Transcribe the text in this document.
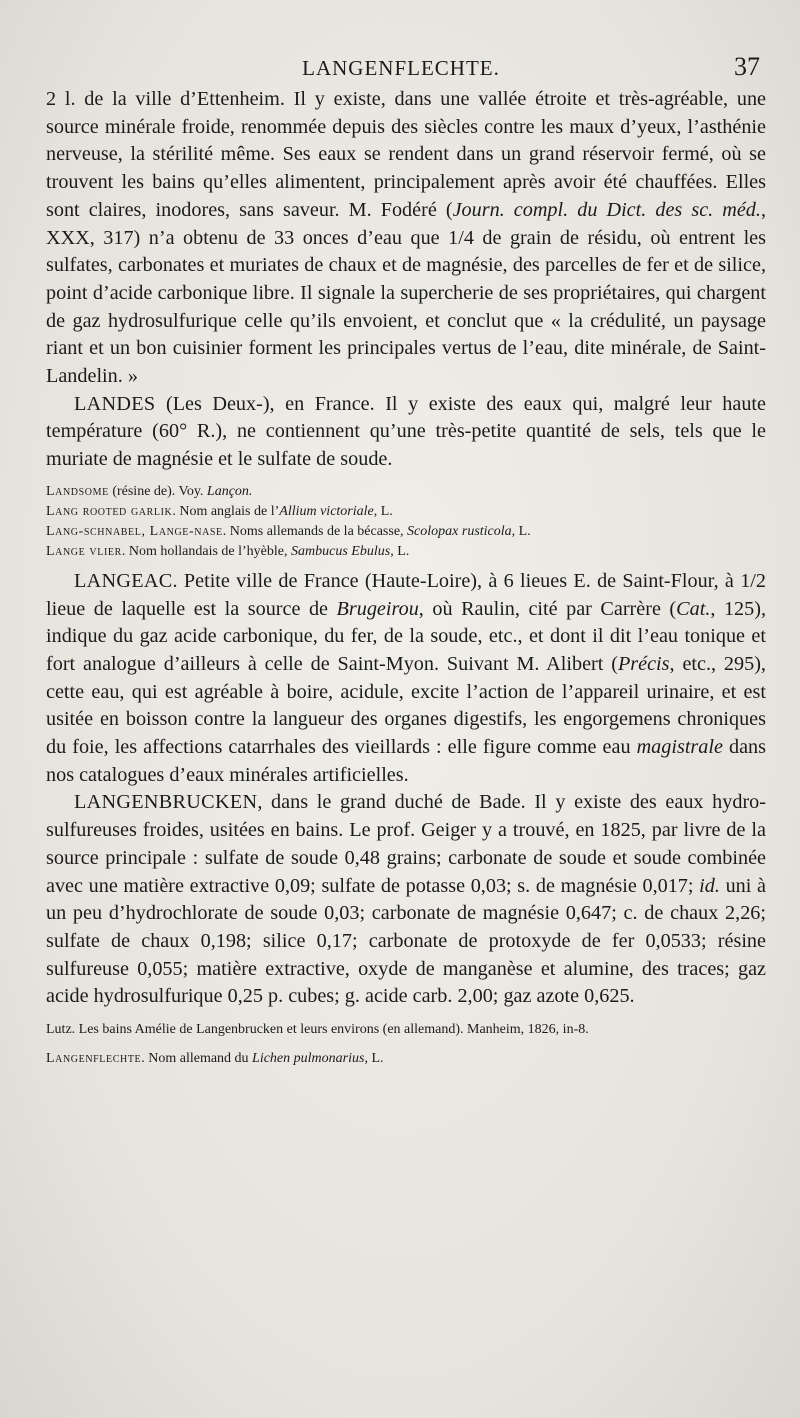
LANGENFLECHTE.	37

2 l. de la ville d’Ettenheim. Il y existe, dans une vallée étroite et très-agréable, une source minérale froide, renommée depuis des siècles contre les maux d’yeux, l’asthénie nerveuse, la stérilité même. Ses eaux se rendent dans un grand réservoir fermé, où se trouvent les bains qu’elles alimentent, principalement après avoir été chauffées. Elles sont claires, inodores, sans saveur. M. Fodéré (Journ. compl. du Dict. des sc. méd., XXX, 317) n’a obtenu de 33 onces d’eau que 1/4 de grain de résidu, où entrent les sulfates, carbonates et muriates de chaux et de magnésie, des parcelles de fer et de silice, point d’acide carbonique libre. Il signale la supercherie de ses propriétaires, qui chargent de gaz hydrosulfurique celle qu’ils envoient, et conclut que « la crédulité, un paysage riant et un bon cuisinier forment les principales vertus de l’eau, dite minérale, de Saint-Landelin. »

LANDES (Les Deux-), en France. Il y existe des eaux qui, malgré leur haute température (60° R.), ne contiennent qu’une très-petite quantité de sels, tels que le muriate de magnésie et le sulfate de soude.

Landsome (résine de). Voy. Lançon.

Lang rooted garlik. Nom anglais de l’Allium victoriale, L.

Lang-schnabel, Lange-nase. Noms allemands de la bécasse, Scolopax rusticola, L.

Lange vlier. Nom hollandais de l’hyèble, Sambucus Ebulus, L.

LANGEAC. Petite ville de France (Haute-Loire), à 6 lieues E. de Saint-Flour, à 1/2 lieue de laquelle est la source de Brugeirou, où Raulin, cité par Carrère (Cat., 125), indique du gaz acide carbonique, du fer, de la soude, etc., et dont il dit l’eau tonique et fort analogue d’ailleurs à celle de Saint-Myon. Suivant M. Alibert (Précis, etc., 295), cette eau, qui est agréable à boire, acidule, excite l’action de l’appareil urinaire, et est usitée en boisson contre la langueur des organes digestifs, les engorgemens chroniques du foie, les affections catarrhales des vieillards : elle figure comme eau magistrale dans nos catalogues d’eaux minérales artificielles.

LANGENBRUCKEN, dans le grand duché de Bade. Il y existe des eaux hydro-sulfureuses froides, usitées en bains. Le prof. Geiger y a trouvé, en 1825, par livre de la source principale : sulfate de soude 0,48 grains; carbonate de soude et soude combinée avec une matière extractive 0,09; sulfate de potasse 0,03; s. de magnésie 0,017; id. uni à un peu d’hydrochlorate de soude 0,03; carbonate de magnésie 0,647; c. de chaux 2,26; sulfate de chaux 0,198; silice 0,17; carbonate de protoxyde de fer 0,0533; résine sulfureuse 0,055; matière extractive, oxyde de manganèse et alumine, des traces; gaz acide hydrosulfurique 0,25 p. cubes; g. acide carb. 2,00; gaz azote 0,625.

Lutz. Les bains Amélie de Langenbrucken et leurs environs (en allemand). Manheim, 1826, in-8.

Langenflechte. Nom allemand du Lichen pulmonarius, L.
